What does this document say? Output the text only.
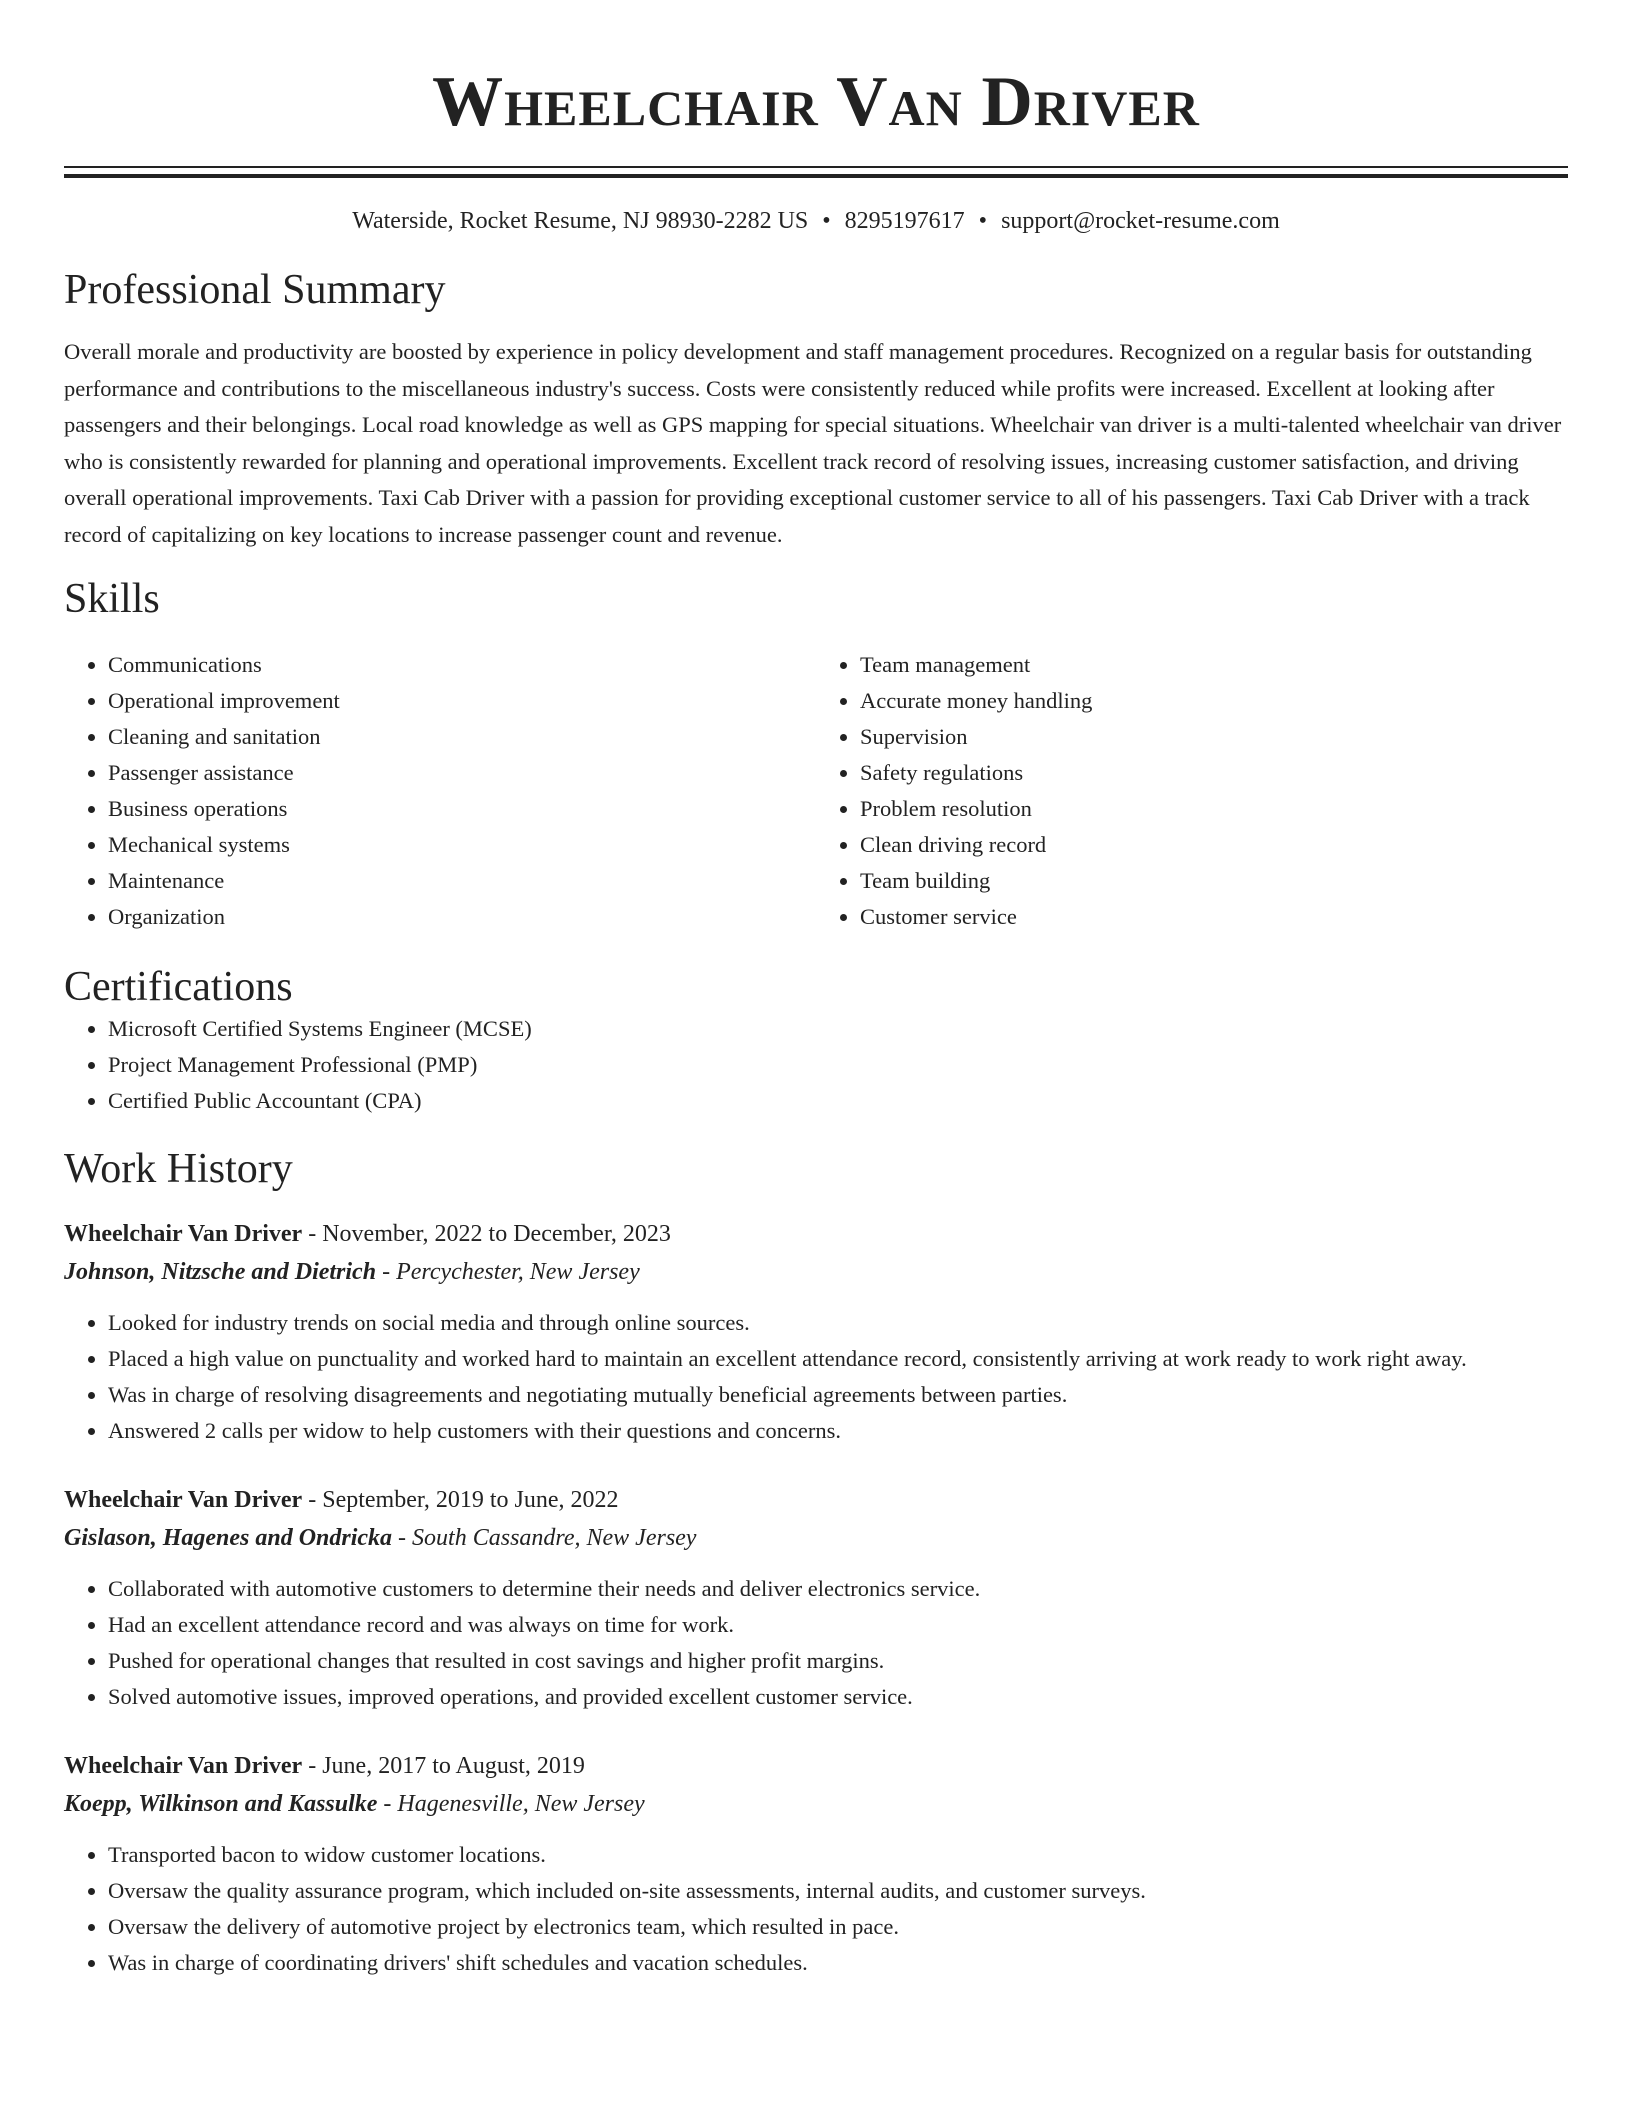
Wheelchair Van Driver
Waterside, Rocket Resume, NJ 98930-2282 US • 8295197617 • support@rocket-resume.com
Professional Summary

Overall morale and productivity are boosted by experience in policy development and staff management procedures. Recognized on a regular basis for outstanding performance and contributions to the miscellaneous industry's success. Costs were consistently reduced while profits were increased. Excellent at looking after passengers and their belongings. Local road knowledge as well as GPS mapping for special situations. Wheelchair van driver is a multi-talented wheelchair van driver who is consistently rewarded for planning and operational improvements. Excellent track record of resolving issues, increasing customer satisfaction, and driving overall operational improvements. Taxi Cab Driver with a passion for providing exceptional customer service to all of his passengers. Taxi Cab Driver with a track record of capitalizing on key locations to increase passenger count and revenue.

Skills
• Communications
• Operational improvement
• Cleaning and sanitation
• Passenger assistance
• Business operations
• Mechanical systems
• Maintenance
• Organization
• Team management
• Accurate money handling
• Supervision
• Safety regulations
• Problem resolution
• Clean driving record
• Team building
• Customer service
Certifications
• Microsoft Certified Systems Engineer (MCSE)
• Project Management Professional (PMP)
• Certified Public Accountant (CPA)
Work History
Wheelchair Van Driver - November, 2022 to December, 2023
Johnson, Nitzsche and Dietrich - Percychester, New Jersey
• Looked for industry trends on social media and through online sources.
• Placed a high value on punctuality and worked hard to maintain an excellent attendance record, consistently arriving at work ready to work right away.
• Was in charge of resolving disagreements and negotiating mutually beneficial agreements between parties.
• Answered 2 calls per widow to help customers with their questions and concerns.
Wheelchair Van Driver - September, 2019 to June, 2022
Gislason, Hagenes and Ondricka - South Cassandre, New Jersey
• Collaborated with automotive customers to determine their needs and deliver electronics service.
• Had an excellent attendance record and was always on time for work.
• Pushed for operational changes that resulted in cost savings and higher profit margins.
• Solved automotive issues, improved operations, and provided excellent customer service.
Wheelchair Van Driver - June, 2017 to August, 2019
Koepp, Wilkinson and Kassulke - Hagenesville, New Jersey
• Transported bacon to widow customer locations.
• Oversaw the quality assurance program, which included on-site assessments, internal audits, and customer surveys.
• Oversaw the delivery of automotive project by electronics team, which resulted in pace.
• Was in charge of coordinating drivers' shift schedules and vacation schedules.
